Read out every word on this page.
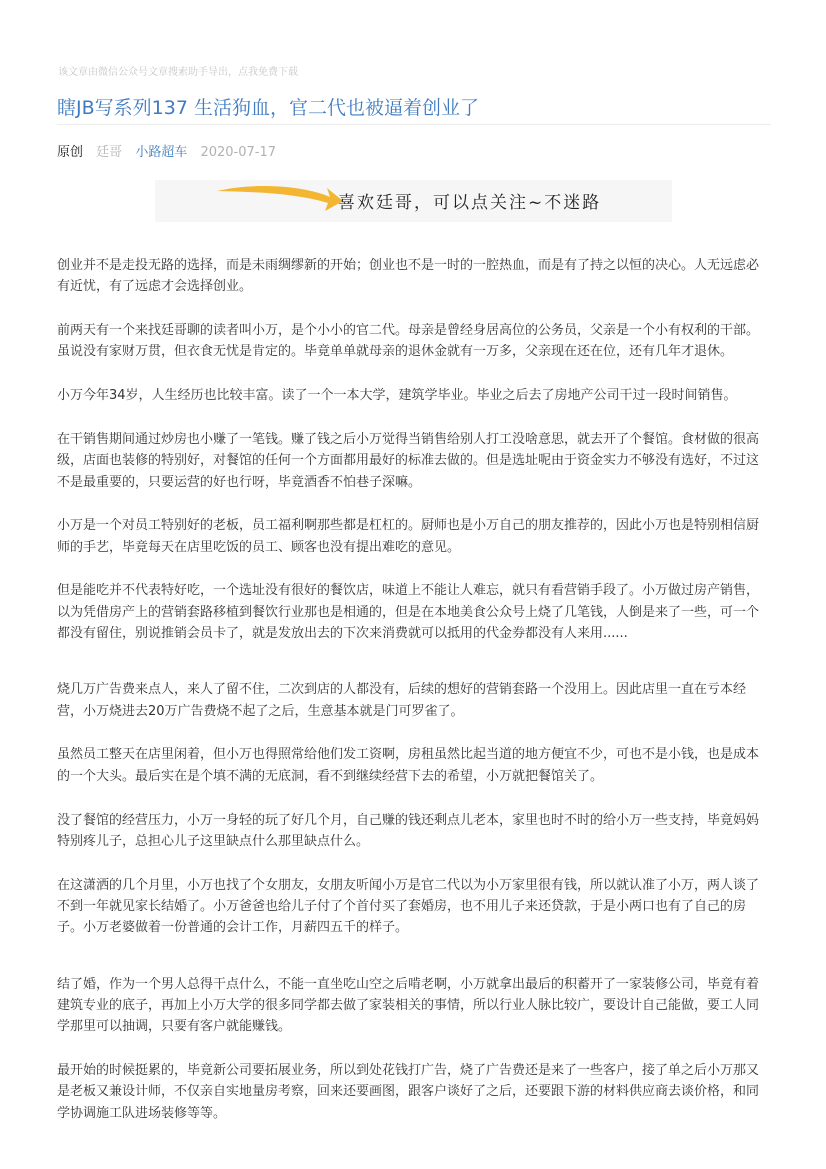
该文章由微信公众号文章搜索助手导出，点我免费下载
瞎JB写系列137 生活狗血，官二代也被逼着创业了
原创 廷哥 小路超车 2020-07-17
喜欢廷哥，可以点关注~不迷路

创业并不是走投无路的选择，而是未雨绸缪新的开始；创业也不是一时的一腔热血，而是有了持之以恒的决心。人无远虑必有近忧，有了远虑才会选择创业。

前两天有一个来找廷哥聊的读者叫小万，是个小小的官二代。母亲是曾经身居高位的公务员，父亲是一个小有权利的干部。虽说没有家财万贯，但衣食无忧是肯定的。毕竟单单就母亲的退休金就有一万多，父亲现在还在位，还有几年才退休。

小万今年34岁，人生经历也比较丰富。读了一个一本大学，建筑学毕业。毕业之后去了房地产公司干过一段时间销售。

在干销售期间通过炒房也小赚了一笔钱。赚了钱之后小万觉得当销售给别人打工没啥意思，就去开了个餐馆。食材做的很高级，店面也装修的特别好，对餐馆的任何一个方面都用最好的标准去做的。但是选址呢由于资金实力不够没有选好，不过这不是最重要的，只要运营的好也行呀，毕竟酒香不怕巷子深嘛。

小万是一个对员工特别好的老板，员工福利啊那些都是杠杠的。厨师也是小万自己的朋友推荐的，因此小万也是特别相信厨师的手艺，毕竟每天在店里吃饭的员工、顾客也没有提出难吃的意见。

但是能吃并不代表特好吃，一个选址没有很好的餐饮店，味道上不能让人难忘，就只有看营销手段了。小万做过房产销售，以为凭借房产上的营销套路移植到餐饮行业那也是相通的，但是在本地美食公众号上烧了几笔钱，人倒是来了一些，可一个都没有留住，别说推销会员卡了，就是发放出去的下次来消费就可以抵用的代金券都没有人来用......

烧几万广告费来点人，来人了留不住，二次到店的人都没有，后续的想好的营销套路一个没用上。因此店里一直在亏本经营，小万烧进去20万广告费烧不起了之后，生意基本就是门可罗雀了。

虽然员工整天在店里闲着，但小万也得照常给他们发工资啊，房租虽然比起当道的地方便宜不少，可也不是小钱，也是成本的一个大头。最后实在是个填不满的无底洞，看不到继续经营下去的希望，小万就把餐馆关了。

没了餐馆的经营压力，小万一身轻的玩了好几个月，自己赚的钱还剩点儿老本，家里也时不时的给小万一些支持，毕竟妈妈特别疼儿子，总担心儿子这里缺点什么那里缺点什么。

在这潇洒的几个月里，小万也找了个女朋友，女朋友听闻小万是官二代以为小万家里很有钱，所以就认准了小万，两人谈了不到一年就见家长结婚了。小万爸爸也给儿子付了个首付买了套婚房，也不用儿子来还贷款，于是小两口也有了自己的房子。小万老婆做着一份普通的会计工作，月薪四五千的样子。

结了婚，作为一个男人总得干点什么，不能一直坐吃山空之后啃老啊，小万就拿出最后的积蓄开了一家装修公司，毕竟有着建筑专业的底子，再加上小万大学的很多同学都去做了家装相关的事情，所以行业人脉比较广，要设计自己能做，要工人同学那里可以抽调，只要有客户就能赚钱。

最开始的时候挺累的，毕竟新公司要拓展业务，所以到处花钱打广告，烧了广告费还是来了一些客户，接了单之后小万那又是老板又兼设计师，不仅亲自实地量房考察，回来还要画图，跟客户谈好了之后，还要跟下游的材料供应商去谈价格，和同学协调施工队进场装修等等。
